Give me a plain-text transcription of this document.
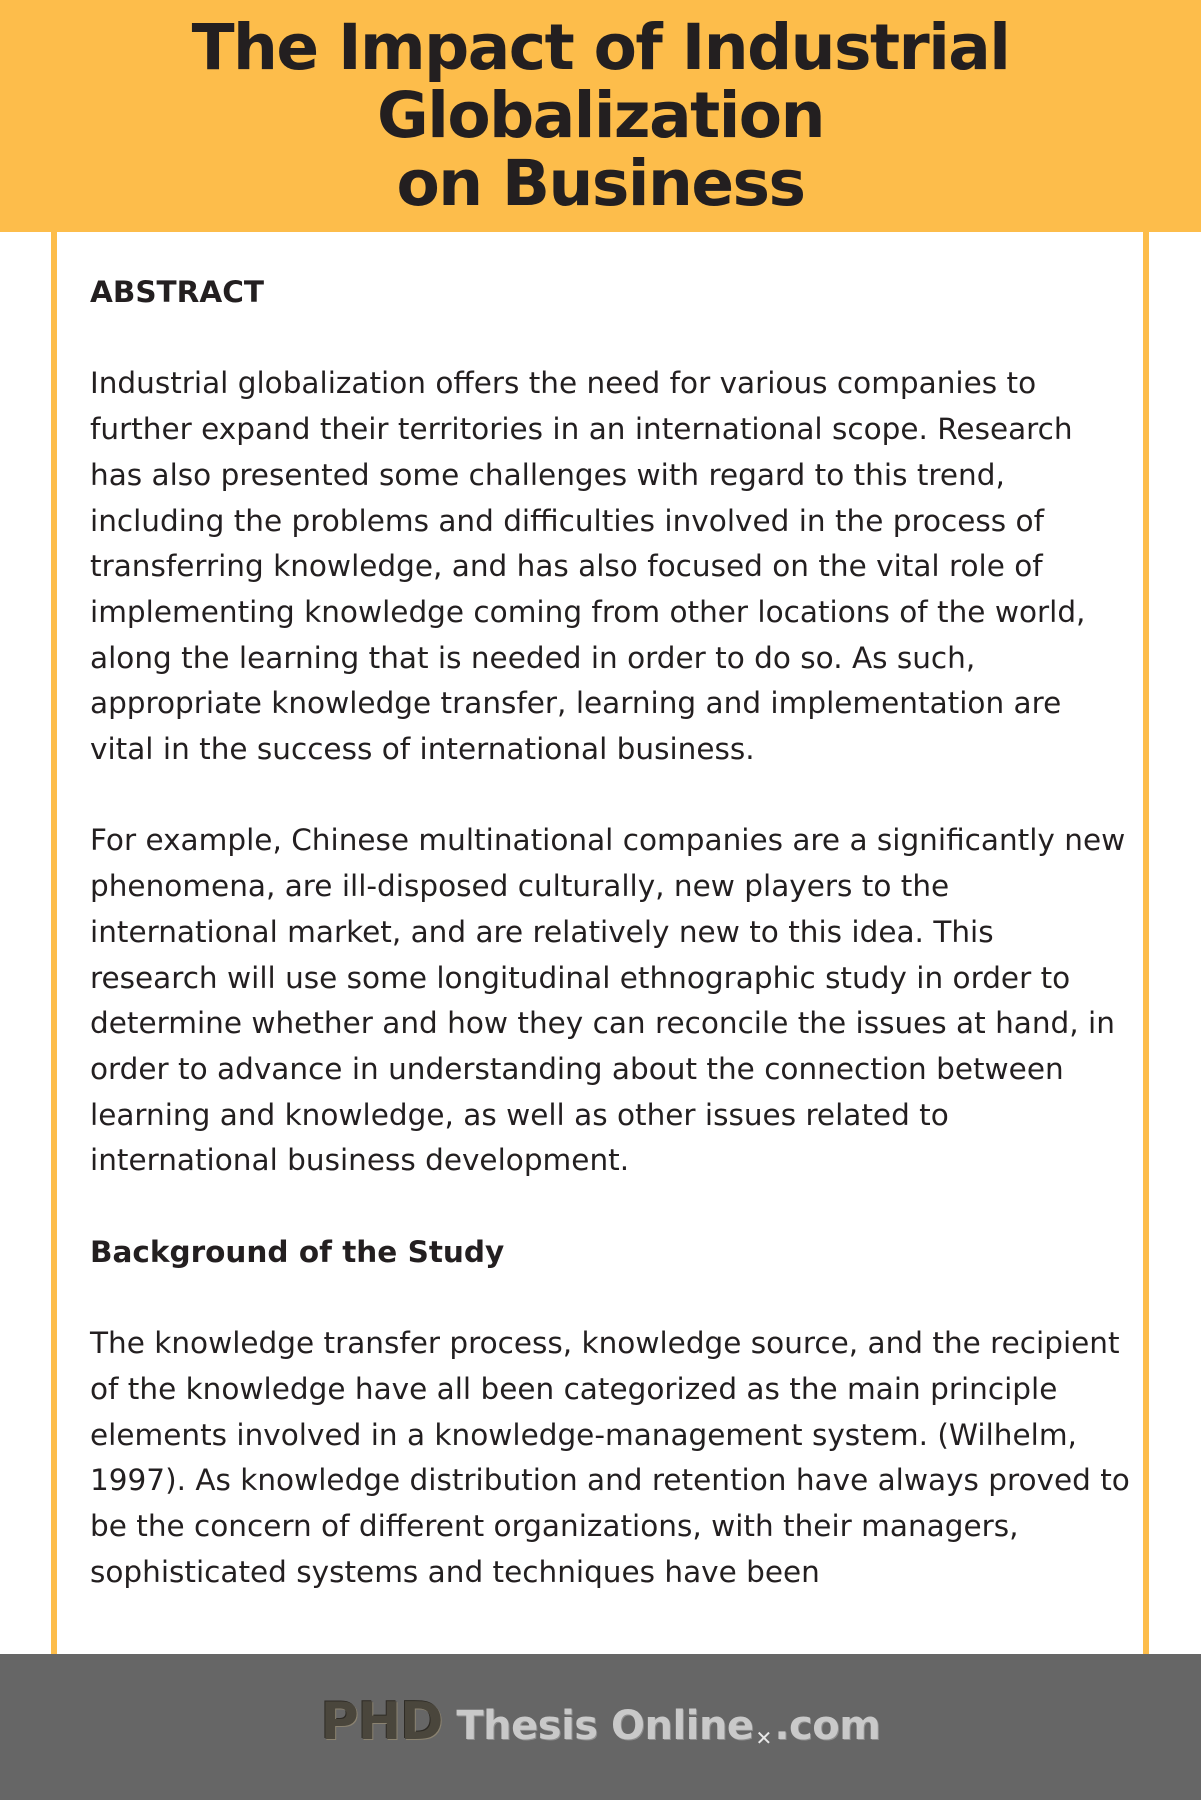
The Impact of Industrial Globalization
on Business
ABSTRACT

Industrial globalization offers the need for various companies to further expand their territories in an international scope. Research has also presented some challenges with regard to this trend, including the problems and difficulties involved in the process of transferring knowledge, and has also focused on the vital role of implementing knowledge coming from other locations of the world, along the learning that is needed in order to do so. As such, appropriate knowledge transfer, learning and implementation are vital in the success of international business.

For example, Chinese multinational companies are a significantly new phenomena, are ill-disposed culturally, new players to the international market, and are relatively new to this idea. This research will use some longitudinal ethnographic study in order to determine whether and how they can reconcile the issues at hand, in order to advance in understanding about the connection between learning and knowledge, as well as other issues related to international business development.

Background of the Study

The knowledge transfer process, knowledge source, and the recipient of the knowledge have all been categorized as the main principle elements involved in a knowledge-management system. (Wilhelm, 1997). As knowledge distribution and retention have always proved to be the concern of different organizations, with their managers, sophisticated systems and techniques have been

PHD Thesis Online ✕ .com
